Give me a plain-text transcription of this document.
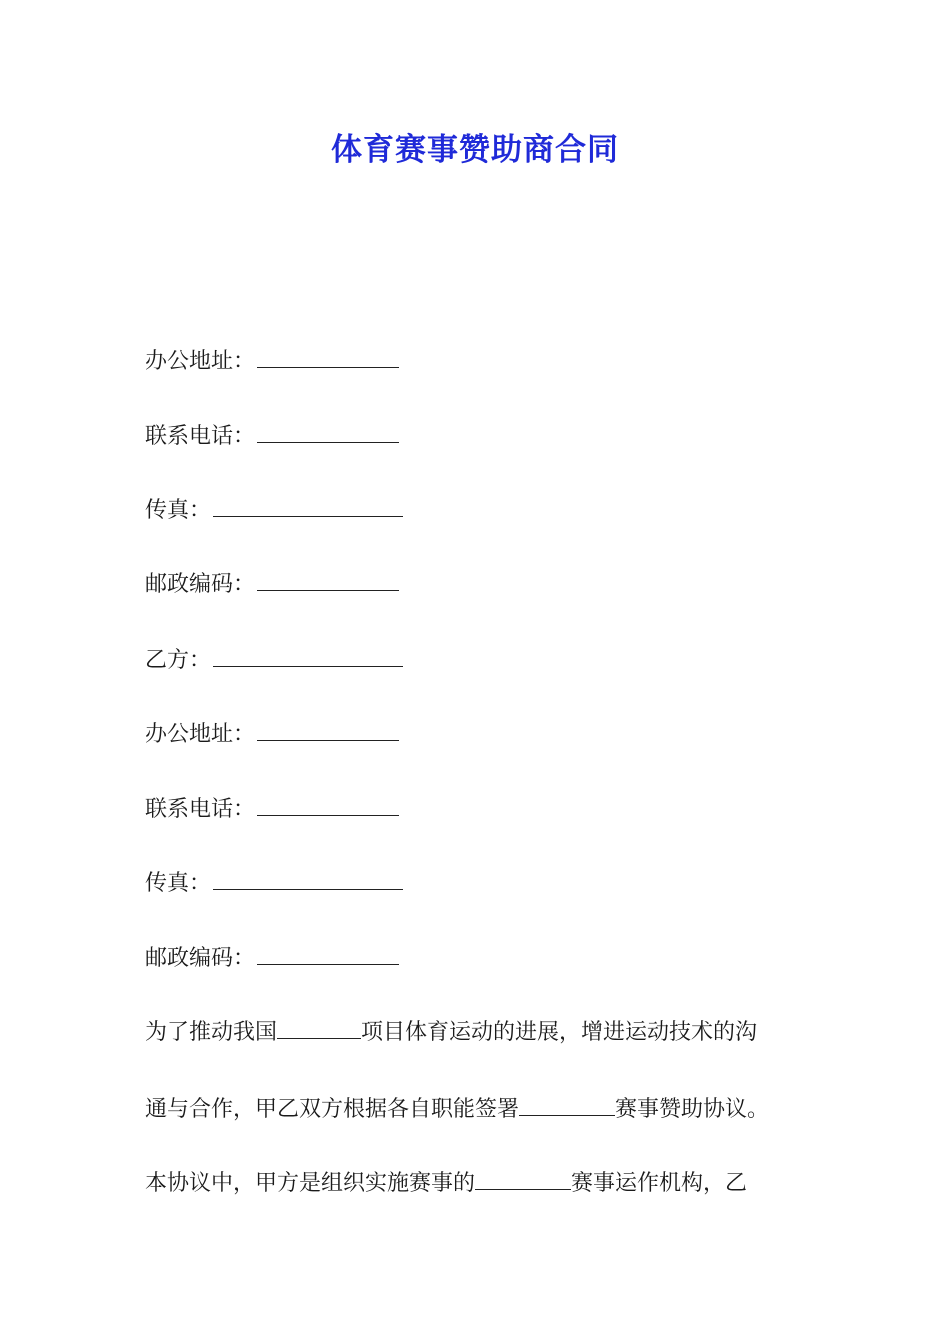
体育赛事赞助商合同
办公地址：
联系电话：
传真：
邮政编码：
乙方：
办公地址：
联系电话：
传真：
邮政编码：
为了推动我国	项目体育运动的进展，增进运动技术的沟
通与合作，甲乙双方根据各自职能签署	赛事赞助协议。
本协议中，甲方是组织实施赛事的	赛事运作机构，乙
